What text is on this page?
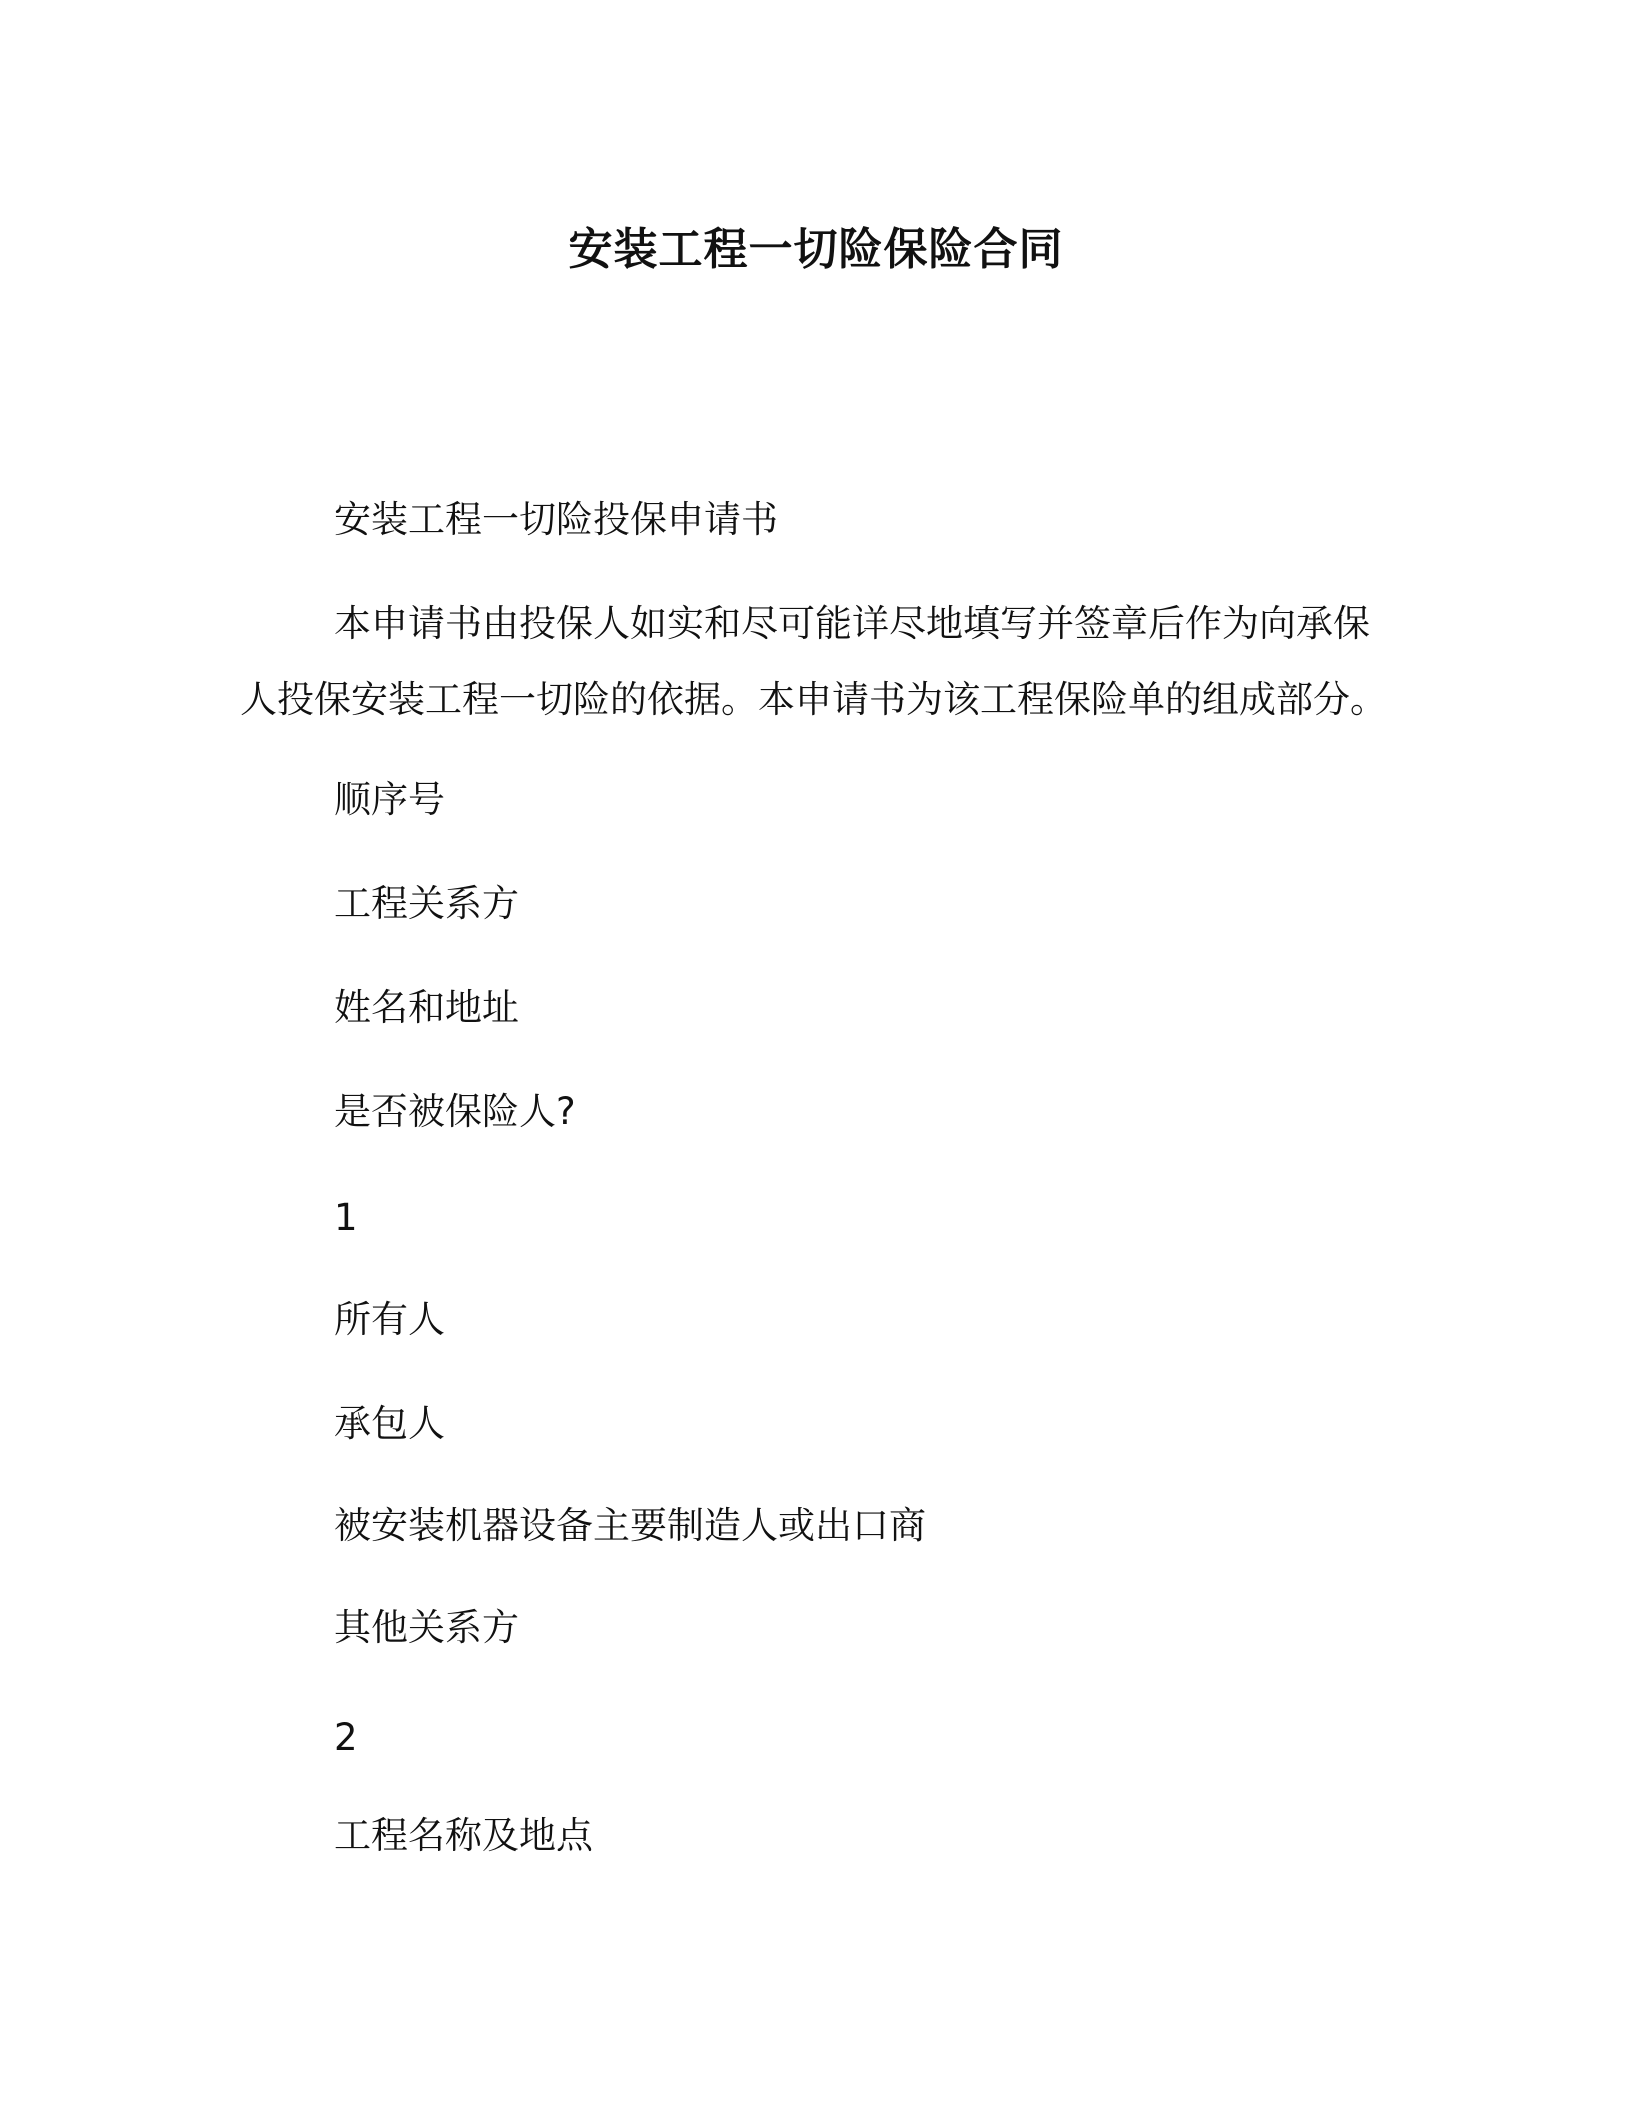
安装工程一切险保险合同

安装工程一切险投保申请书

本申请书由投保人如实和尽可能详尽地填写并签章后作为向承保

人投保安装工程一切险的依据。本申请书为该工程保险单的组成部分。

顺序号

工程关系方

姓名和地址

是否被保险人?

1

所有人

承包人

被安装机器设备主要制造人或出口商

其他关系方

2

工程名称及地点
